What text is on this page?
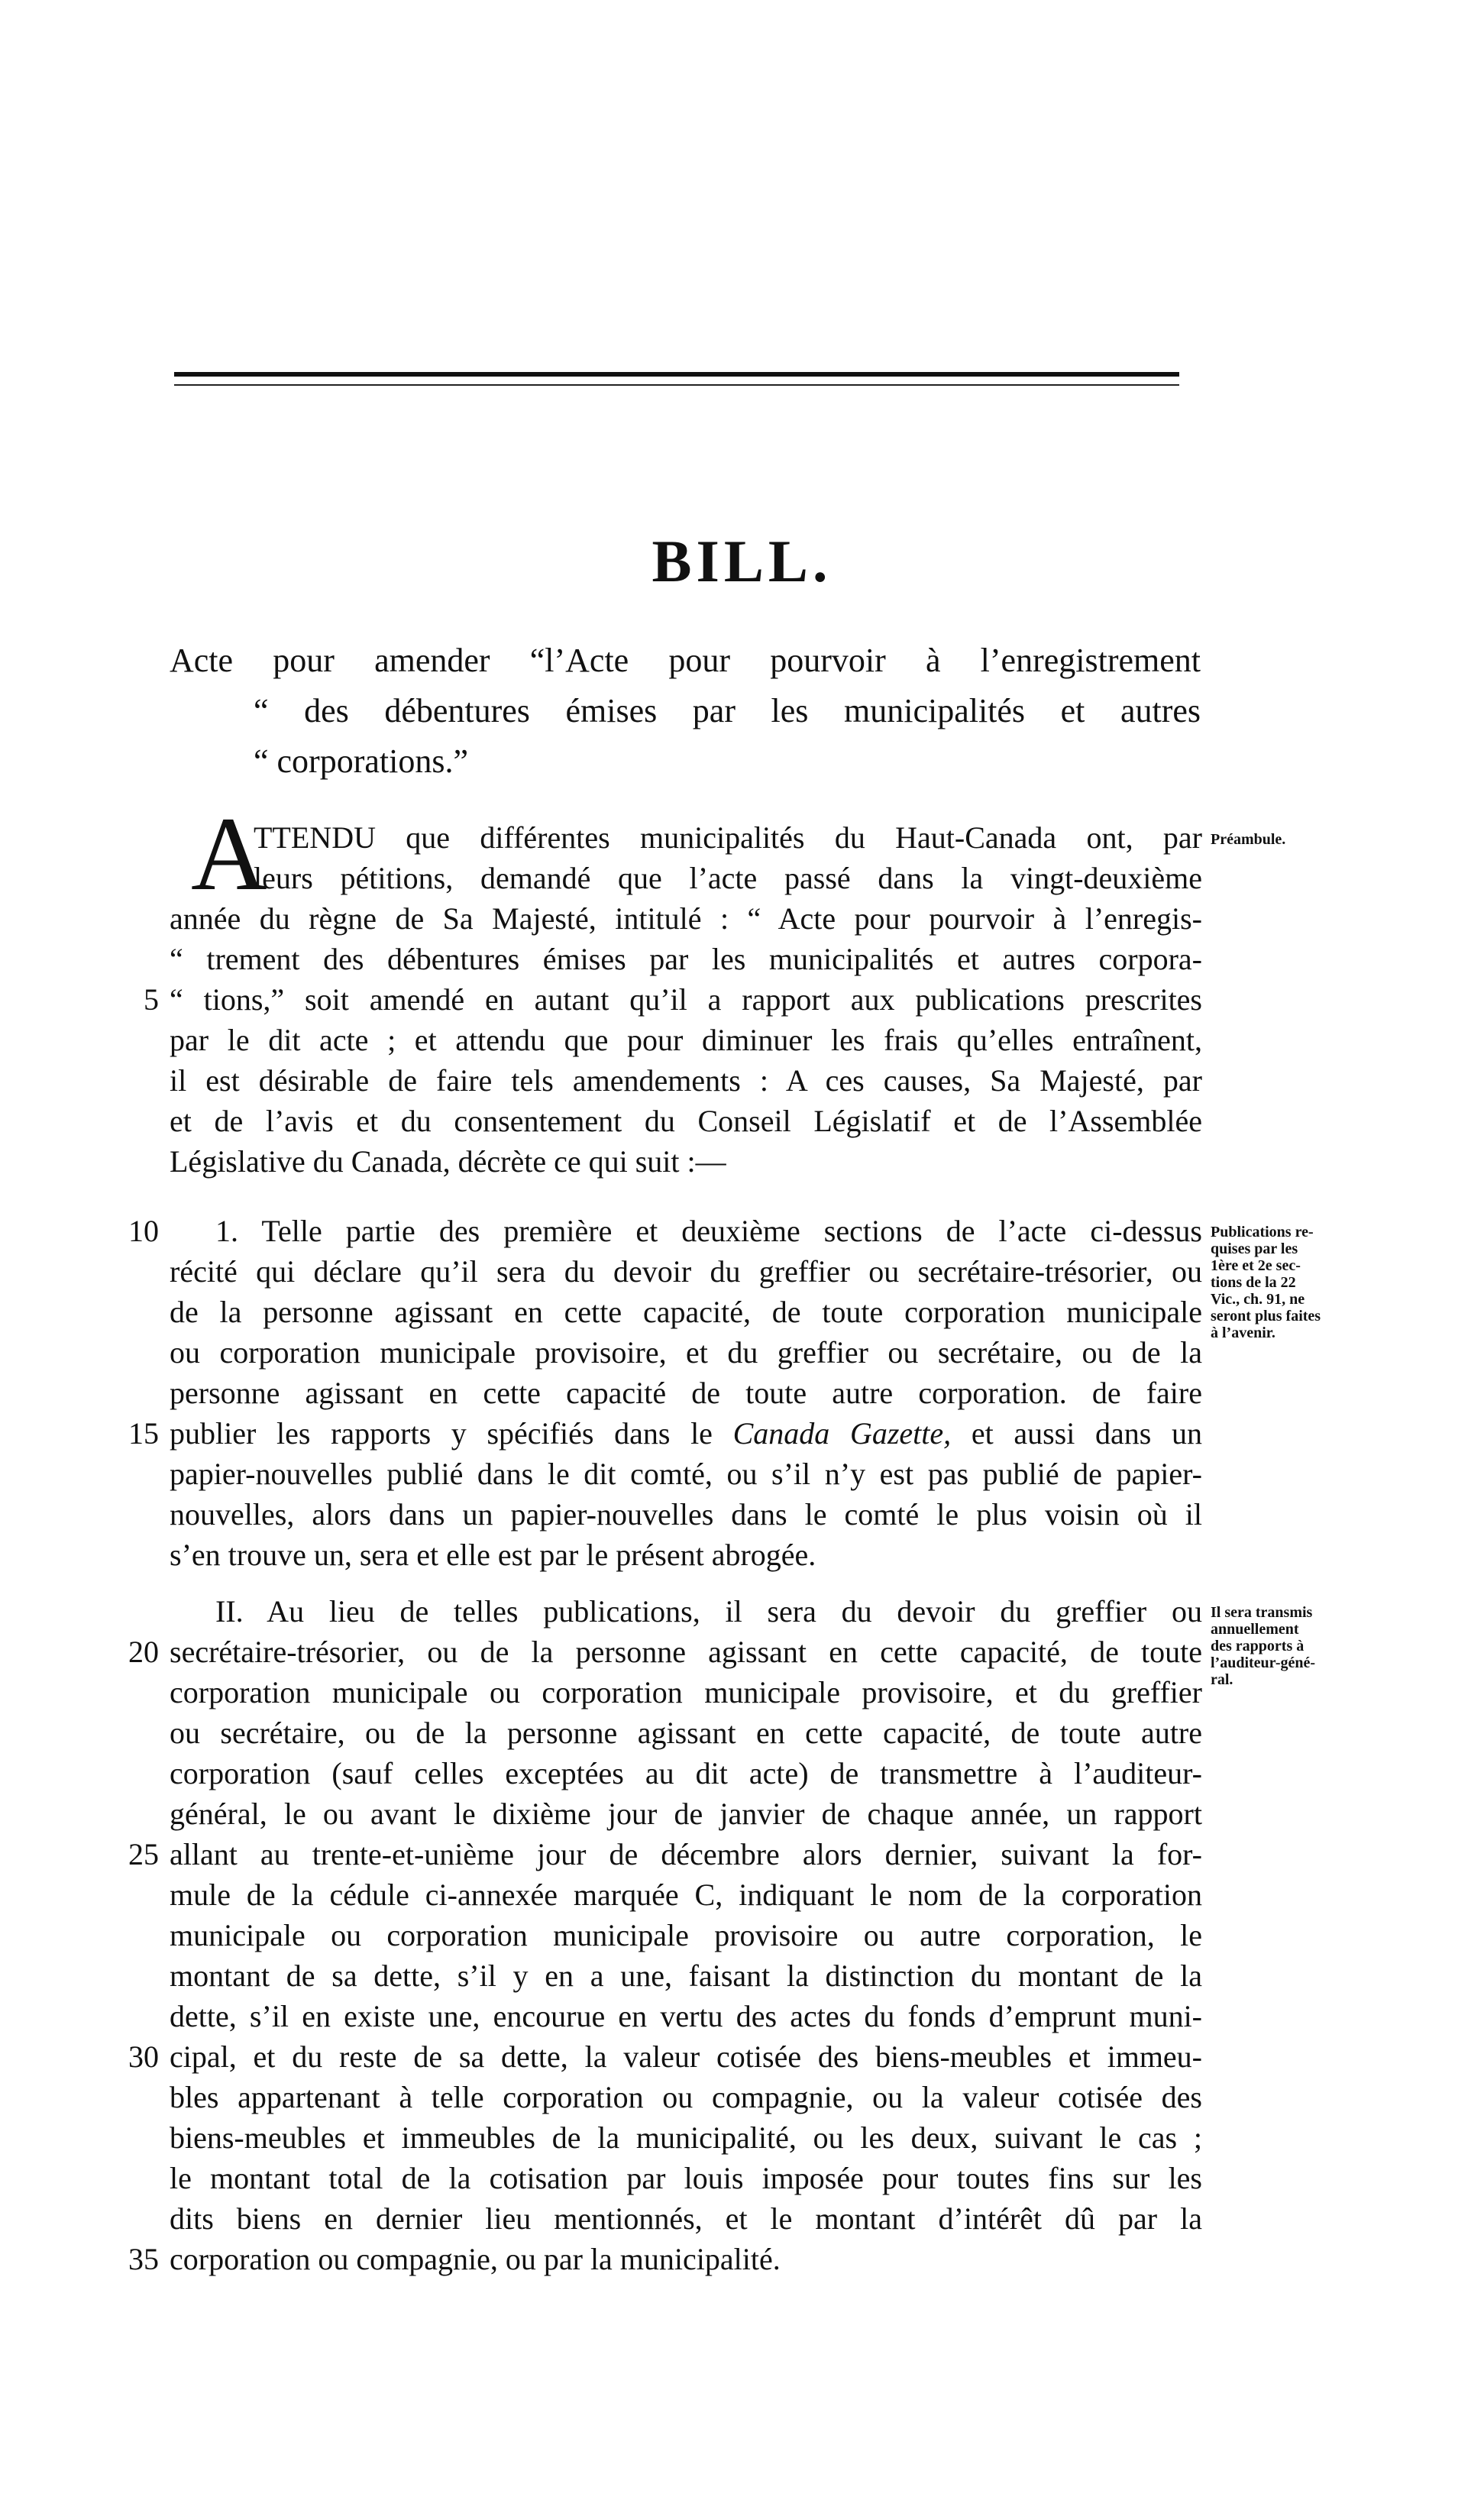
BILL.
Acte pour amender “l’Acte pour pourvoir à l’enregistrement
“ des débentures émises par les municipalités et autres
“ corporations.”
A
TTENDU que différentes municipalités du Haut-Canada ont, par
leurs pétitions, demandé que l’acte passé dans la vingt-deuxième
année du règne de Sa Majesté, intitulé : “ Acte pour pourvoir à l’enregis-
“ trement des débentures émises par les municipalités et autres corpora-
“ tions,” soit amendé en autant qu’il a rapport aux publications prescrites
par le dit acte ; et attendu que pour diminuer les frais qu’elles entraînent,
il est désirable de faire tels amendements : A ces causes, Sa Majesté, par
et de l’avis et du consentement du Conseil Législatif et de l’Assemblée
Législative du Canada, décrète ce qui suit :—
Préambule.
1. Telle partie des première et deuxième sections de l’acte ci-dessus
récité qui déclare qu’il sera du devoir du greffier ou secrétaire-trésorier, ou
de la personne agissant en cette capacité, de toute corporation municipale
ou corporation municipale provisoire, et du greffier ou secrétaire, ou de la
personne agissant en cette capacité de toute autre corporation. de faire
publier les rapports y spécifiés dans le Canada Gazette, et aussi dans un
papier-nouvelles publié dans le dit comté, ou s’il n’y est pas publié de papier-
nouvelles, alors dans un papier-nouvelles dans le comté le plus voisin où il
s’en trouve un, sera et elle est par le présent abrogée.
Publications re-
quises par les
1ère et 2e sec-
tions de la 22
Vic., ch. 91, ne
seront plus faites
à l’avenir.
II. Au lieu de telles publications, il sera du devoir du greffier ou
secrétaire-trésorier, ou de la personne agissant en cette capacité, de toute
corporation municipale ou corporation municipale provisoire, et du greffier
ou secrétaire, ou de la personne agissant en cette capacité, de toute autre
corporation (sauf celles exceptées au dit acte) de transmettre à l’auditeur-
général, le ou avant le dixième jour de janvier de chaque année, un rapport
allant au trente-et-unième jour de décembre alors dernier, suivant la for-
mule de la cédule ci-annexée marquée C, indiquant le nom de la corporation
municipale ou corporation municipale provisoire ou autre corporation, le
montant de sa dette, s’il y en a une, faisant la distinction du montant de la
dette, s’il en existe une, encourue en vertu des actes du fonds d’emprunt muni-
cipal, et du reste de sa dette, la valeur cotisée des biens-meubles et immeu-
bles appartenant à telle corporation ou compagnie, ou la valeur cotisée des
biens-meubles et immeubles de la municipalité, ou les deux, suivant le cas ;
le montant total de la cotisation par louis imposée pour toutes fins sur les
dits biens en dernier lieu mentionnés, et le montant d’intérêt dû par la
corporation ou compagnie, ou par la municipalité.
Il sera transmis
annuellement
des rapports à
l’auditeur-géné-
ral.
5
10
15
20
25
30
35
